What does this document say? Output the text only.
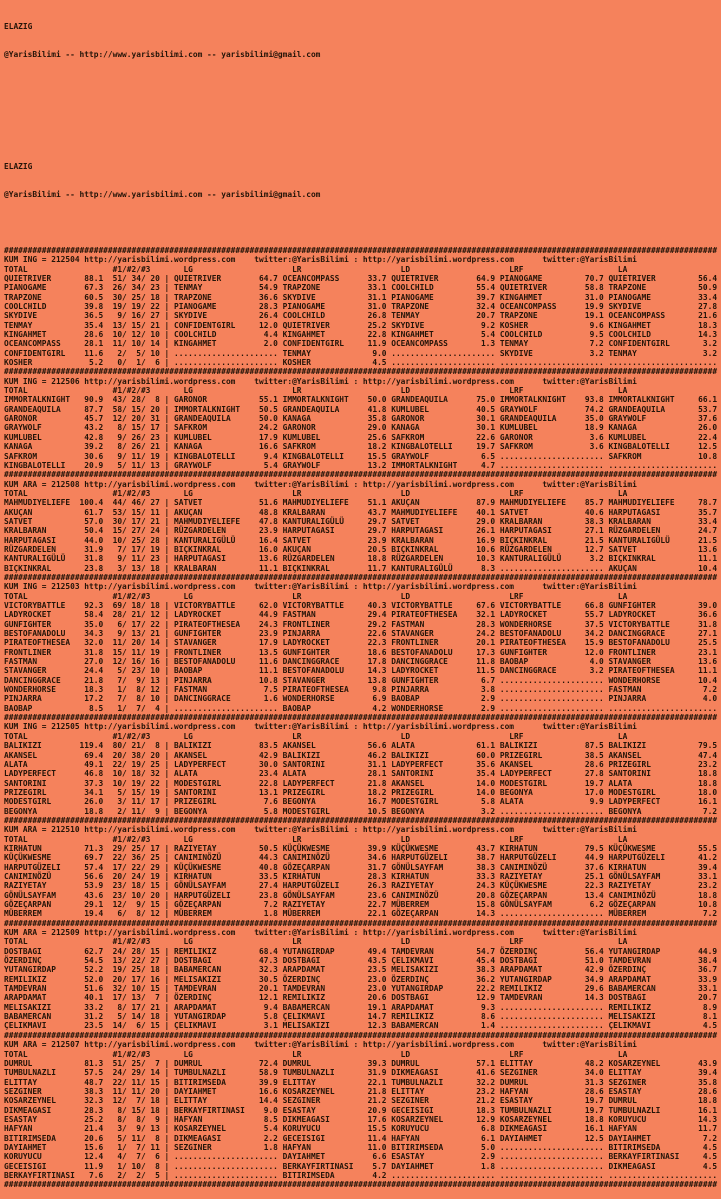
ELAZIG

@YarisBilimi -- http://www.yarisbilimi.com -- yarisbilimi@gmail.com

ELAZIG

@YarisBilimi -- http://www.yarisbilimi.com -- yarisbilimi@gmail.com

#######################################################################################################################################################
KUM ING = 212504 http://yarisbilimi.wordpress.com    twitter:@YarisBilimi : http://yarisbilimi.wordpress.com      twitter:@YarisBilimi
TOTAL                  #1/#2/#3       LG                     LR                     LD                     LRF                    LA
QUIETRIVER       88.1  51/ 34/ 20 | QUIETRIVER        64.7 OCEANCOMPASS      33.7 QUIETRIVER        64.9 PIANOGAME         70.7 QUIETRIVER         56.4
PIANOGAME        67.3  26/ 34/ 23 | TENMAY            54.9 TRAPZONE          33.1 COOLCHILD         55.4 QUIETRIVER        58.8 TRAPZONE           50.9
TRAPZONE         60.5  30/ 25/ 18 | TRAPZONE          36.6 SKYDIVE           31.1 PIANOGAME         39.7 KINGAHMET         31.0 PIANOGAME          33.4
COOLCHILD        39.8  19/ 19/ 22 | PIANOGAME         28.3 PIANOGAME         31.0 TRAPZONE          32.4 OCEANCOMPASS      19.9 SKYDIVE            27.8
SKYDIVE          36.5   9/ 16/ 27 | SKYDIVE           26.4 COOLCHILD         26.8 TENMAY            20.7 TRAPZONE          19.1 OCEANCOMPASS       21.6
TENMAY           35.4  13/ 15/ 21 | CONFIDENTGIRL     12.0 QUIETRIVER        25.2 SKYDIVE            9.2 KOSHER             9.6 KINGAHMET          18.3
KINGAHMET        28.6  10/ 12/ 10 | COOLCHILD          4.4 KINGAHMET         22.8 KINGAHMET          5.4 COOLCHILD          9.5 COOLCHILD          14.3
OCEANCOMPASS     28.1  11/ 10/ 14 | KINGAHMET          2.0 CONFIDENTGIRL     11.9 OCEANCOMPASS       1.3 TENMAY             7.2 CONFIDENTGIRL       3.2
CONFIDENTGIRL    11.6   2/  5/ 10 | ...................... TENMAY             9.0 ...................... SKYDIVE            3.2 TENMAY              3.2
KOSHER            5.2   0/  1/  6 | ...................... KOSHER             4.5 ...................... ...................... .......................
#######################################################################################################################################################
KUM ING = 212506 http://yarisbilimi.wordpress.com    twitter:@YarisBilimi : http://yarisbilimi.wordpress.com      twitter:@YarisBilimi
TOTAL                  #1/#2/#3       LG                     LR                     LD                     LRF                    LA
IMMORTALKNIGHT   90.9  43/ 28/  8 | GARONOR           55.1 IMMORTALKNIGHT    50.0 GRANDEAQUILA      75.0 IMMORTALKNIGHT    93.8 IMMORTALKNIGHT     66.1
GRANDEAQUILA     87.7  58/ 15/ 20 | IMMORTALKNIGHT    50.5 GRANDEAQUILA      41.8 KUMLUBEL          40.5 GRAYWOLF          74.2 GRANDEAQUILA       53.7
GARONOR          45.7  12/ 20/ 31 | GRANDEAQUILA      50.0 KANAGA            35.8 GARONOR           30.1 GRANDEAQUILA      35.0 GRAYWOLF           37.6
GRAYWOLF         43.2   8/ 15/ 17 | SAFKROM           24.2 GARONOR           29.0 KANAGA            30.1 KUMLUBEL          18.9 KANAGA             26.0
KUMLUBEL         42.8   9/ 26/ 23 | KUMLUBEL          17.9 KUMLUBEL          25.6 SAFKROM           22.6 GARONOR            3.6 KUMLUBEL           22.4
KANAGA           39.2   8/ 26/ 21 | KANAGA            16.6 SAFKROM           18.2 KINGBALOTELLI     19.7 SAFKROM            3.6 KINGBALOTELLI      12.5
SAFKROM          30.6   9/ 11/ 19 | KINGBALOTELLI      9.4 KINGBALOTELLI     15.5 GRAYWOLF           6.5 ...................... SAFKROM            10.8
KINGBALOTELLI    20.9   5/ 11/ 13 | GRAYWOLF           5.4 GRAYWOLF          13.2 IMMORTALKNIGHT     4.7 ...................... .......................
#######################################################################################################################################################
KUM ARA = 212508 http://yarisbilimi.wordpress.com    twitter:@YarisBilimi : http://yarisbilimi.wordpress.com      twitter:@YarisBilimi
TOTAL                  #1/#2/#3       LG                     LR                     LD                     LRF                    LA
MAHMUDIYELIEFE  100.4  44/ 46/ 27 | SATVET            51.6 MAHMUDIYELIEFE    51.1 AKUÇAN            87.9 MAHMUDIYELIEFE    85.7 MAHMUDIYELIEFE     78.7
AKUÇAN           61.7  53/ 15/ 11 | AKUÇAN            48.8 KRALBARAN         43.7 MAHMUDIYELIEFE    40.1 SATVET            40.6 HARPUTAGASI        35.7
SATVET           57.0  30/ 17/ 21 | MAHMUDIYELIEFE    47.8 KANTURALIGÜLÜ     29.7 SATVET            29.0 KRALBARAN         38.3 KRALBARAN          33.4
KRALBARAN        50.4  15/ 27/ 24 | RÜZGARDELEN       23.9 HARPUTAGASI       29.7 HARPUTAGASI       26.1 HARPUTAGASI       27.1 RÜZGARDELEN        24.7
HARPUTAGASI      44.0  10/ 25/ 28 | KANTURALIGÜLÜ     16.4 SATVET            23.9 KRALBARAN         16.9 BIÇKINKRAL        21.5 KANTURALIGÜLÜ      21.5
RÜZGARDELEN      31.9   7/ 17/ 19 | BIÇKINKRAL        16.0 AKUÇAN            20.5 BIÇKINKRAL        10.6 RÜZGARDELEN       12.7 SATVET             13.6
KANTURALIGÜLÜ    31.8   9/ 11/ 23 | HARPUTAGASI       13.6 RÜZGARDELEN       18.8 RÜZGARDELEN       10.3 KANTURALIGÜLÜ      3.2 BIÇKINKRAL         11.1
BIÇKINKRAL       23.8   3/ 13/ 18 | KRALBARAN         11.1 BIÇKINKRAL        11.7 KANTURALIGÜLÜ      8.3 ...................... AKUÇAN             10.4
#######################################################################################################################################################
KUM ING = 212503 http://yarisbilimi.wordpress.com    twitter:@YarisBilimi : http://yarisbilimi.wordpress.com      twitter:@YarisBilimi
TOTAL                  #1/#2/#3       LG                     LR                     LD                     LRF                    LA
VICTORYBATTLE    92.3  69/ 18/ 18 | VICTORYBATTLE     62.0 VICTORYBATTLE     40.3 VICTORYBATTLE     67.6 VICTORYBATTLE     66.8 GUNFIGHTER         39.0
LADYROCKET       58.4  28/ 21/ 12 | LADYROCKET        44.9 FASTMAN           29.4 PIRATEOFTHESEA    32.1 LADYROCKET        55.7 LADYROCKET         36.6
GUNFIGHTER       35.0   6/ 17/ 22 | PIRATEOFTHESEA    24.3 FRONTLINER        29.2 FASTMAN           28.3 WONDERHORSE       37.5 VICTORYBATTLE      31.8
BESTOFANADOLU    34.3   9/ 13/ 21 | GUNFIGHTER        23.9 PINJARRA          22.6 STAVANGER         24.2 BESTOFANADOLU     34.2 DANCINGGRACE       27.1
PIRATEOFTHESEA   32.0  11/ 20/ 14 | STAVANGER         17.9 LADYROCKET        22.3 FRONTLINER        20.1 PIRATEOFTHESEA    15.9 BESTOFANADOLU      25.5
FRONTLINER       31.8  15/ 11/ 19 | FRONTLINER        13.5 GUNFIGHTER        18.6 BESTOFANADOLU     17.3 GUNFIGHTER        12.0 FRONTLINER         23.1
FASTMAN          27.0  12/ 16/ 16 | BESTOFANADOLU     11.6 DANCINGGRACE      17.8 DANCINGGRACE      11.8 BAOBAP             4.0 STAVANGER          13.6
STAVANGER        24.4   5/ 23/ 10 | BAOBAP            11.1 BESTOFANADOLU     14.3 LADYROCKET        11.5 DANCINGGRACE       3.2 PIRATEOFTHESEA     11.1
DANCINGGRACE     21.8   7/  9/ 13 | PINJARRA          10.8 STAVANGER         13.8 GUNFIGHTER         6.7 ...................... WONDERHORSE        10.4
WONDERHORSE      18.3   1/  8/ 12 | FASTMAN            7.5 PIRATEOFTHESEA     9.8 PINJARRA           3.8 ...................... FASTMAN             7.2
PINJARRA         17.2   7/  8/ 10 | DANCINGGRACE       1.6 WONDERHORSE        6.9 BAOBAP             2.9 ...................... PINJARRA            4.0
BAOBAP            8.5   1/  7/  4 | ...................... BAOBAP             4.2 WONDERHORSE        2.9 ...................... .......................
#######################################################################################################################################################
KUM ING = 212505 http://yarisbilimi.wordpress.com    twitter:@YarisBilimi : http://yarisbilimi.wordpress.com      twitter:@YarisBilimi
TOTAL                  #1/#2/#3       LG                     LR                     LD                     LRF                    LA
BALIKIZI        119.4  80/ 21/  8 | BALIKIZI          83.5 AKANSEL           56.6 ALATA             61.1 BALIKIZI          87.5 BALIKIZI           79.5
AKANSEL          69.4  20/ 38/ 20 | AKANSEL           42.9 BALIKIZI          46.2 BALIKIZI          60.0 PRIZEGIRL         38.5 AKANSEL            47.4
ALATA            49.1  22/ 19/ 25 | LADYPERFECT       30.0 SANTORINI         31.1 LADYPERFECT       35.6 AKANSEL           28.6 PRIZEGIRL          23.2
LADYPERFECT      46.8  10/ 18/ 32 | ALATA             23.4 ALATA             28.1 SANTORINI         35.4 LADYPERFECT       27.8 SANTORINI          18.8
SANTORINI        37.3  10/ 19/ 22 | MODESTGIRL        22.8 LADYPERFECT       21.8 AKANSEL           14.0 MODESTGIRL        19.7 ALATA              18.8
PRIZEGIRL        34.1   5/ 15/ 19 | SANTORINI         13.1 PRIZEGIRL         18.2 PRIZEGIRL         14.0 BEGONYA           17.0 MODESTGIRL         18.0
MODESTGIRL       26.0   3/ 11/ 17 | PRIZEGIRL          7.6 BEGONYA           16.7 MODESTGIRL         5.8 ALATA              9.9 LADYPERFECT        16.1
BEGONYA          18.8   2/ 11/  9 | BEGONYA            5.8 MODESTGIRL        10.5 BEGONYA            3.2 ...................... BEGONYA             7.2
#######################################################################################################################################################
KUM ARA = 212510 http://yarisbilimi.wordpress.com    twitter:@YarisBilimi : http://yarisbilimi.wordpress.com      twitter:@YarisBilimi
TOTAL                  #1/#2/#3       LG                     LR                     LD                     LRF                    LA
KIRHATUN         71.3  29/ 25/ 17 | RAZIYETAY         50.5 KÜÇÜKWESME        39.9 KÜÇÜKWESME        43.7 KIRHATUN          79.5 KÜÇÜKWESME         55.5
KÜÇÜKWESME       69.7  22/ 36/ 25 | CANIMINÖZÜ        44.3 CANIMINÖZÜ        34.6 HARPUTGÜZELI      38.7 HARPUTGÜZELI      44.9 HARPUTGÜZELI       41.2
HARPUTGÜZELI     57.4  17/ 22/ 29 | KÜÇÜKWESME        40.8 GÖZEÇARPAN        31.7 GÖNÜLSAYFAM       38.3 CANIMINÖZÜ        37.6 KIRHATUN           39.4
CANIMINÖZÜ       56.6  20/ 24/ 19 | KIRHATUN          33.5 KIRHATUN          28.3 KIRHATUN          33.3 RAZIYETAY         25.1 GÖNÜLSAYFAM        33.1
RAZIYETAY        53.9  23/ 18/ 15 | GÖNÜLSAYFAM       27.4 HARPUTGÜZELI      26.3 RAZIYETAY         24.3 KÜÇÜKWESME        22.3 RAZIYETAY          23.2
GÖNÜLSAYFAM      43.6  23/ 10/ 20 | HARPUTGÜZELI      23.8 GÖNÜLSAYFAM       23.6 CANIMINÖZÜ        20.8 GÖZEÇARPAN        13.4 CANIMINÖZÜ         18.8
GÖZEÇARPAN       29.1  12/  9/ 15 | GÖZEÇARPAN         7.2 RAZIYETAY         22.7 MÜBERREM          15.8 GÖNÜLSAYFAM        6.2 GÖZEÇARPAN         10.8
MÜBERREM         19.4   6/  8/ 12 | MÜBERREM           1.8 MÜBERREM          22.1 GÖZEÇARPAN        14.3 ...................... MÜBERREM            7.2
#######################################################################################################################################################
KUM ARA = 212509 http://yarisbilimi.wordpress.com    twitter:@YarisBilimi : http://yarisbilimi.wordpress.com      twitter:@YarisBilimi
TOTAL                  #1/#2/#3       LG                     LR                     LD                     LRF                    LA
DOSTBAGI         62.7  24/ 28/ 15 | REMILIKIZ         68.4 YUTANGIRDAP       49.4 TAMDEVRAN         54.7 ÖZERDINÇ          56.4 YUTANGIRDAP        44.9
ÖZERDINÇ         54.5  13/ 22/ 27 | DOSTBAGI          47.3 DOSTBAGI          43.5 ÇELIKMAVI         45.4 DOSTBAGI          51.0 TAMDEVRAN          38.4
YUTANGIRDAP      52.2  19/ 25/ 18 | BABAMERCAN        32.3 ARAPDAMAT         23.5 MELISAKIZI        38.3 ARAPDAMAT         42.9 ÖZERDINÇ           36.7
REMILIKIZ        52.0  20/ 17/ 16 | MELISAKIZI        30.5 ÖZERDINÇ          23.0 ÖZERDINÇ          36.2 YUTANGIRDAP       34.9 ARAPDAMAT          33.9
TAMDEVRAN        51.6  32/ 10/ 15 | TAMDEVRAN         20.1 TAMDEVRAN         23.0 YUTANGIRDAP       22.2 REMILIKIZ         29.6 BABAMERCAN         33.1
ARAPDAMAT        40.1  17/ 13/  7 | ÖZERDINÇ          12.1 REMILIKIZ         20.6 DOSTBAGI          12.9 TAMDEVRAN         14.3 DOSTBAGI           20.7
MELISAKIZI       33.2   8/ 17/ 21 | ARAPDAMAT          9.4 BABAMERCAN        19.1 ARAPDAMAT          9.3 ...................... REMILIKIZ           8.9
BABAMERCAN       31.2   5/ 14/ 18 | YUTANGIRDAP        5.8 ÇELIKMAVI         14.7 REMILIKIZ          8.6 ...................... MELISAKIZI          8.1
ÇELIKMAVI        23.5  14/  6/ 15 | ÇELIKMAVI          3.1 MELISAKIZI        12.3 BABAMERCAN         1.4 ...................... ÇELIKMAVI           4.5
#######################################################################################################################################################
KUM ARA = 212507 http://yarisbilimi.wordpress.com    twitter:@YarisBilimi : http://yarisbilimi.wordpress.com      twitter:@YarisBilimi
TOTAL                  #1/#2/#3       LG                     LR                     LD                     LRF                    LA
DUMRUL           81.3  51/ 25/  7 | DUMRUL            72.4 DUMRUL            39.3 DUMRUL            57.1 ELITTAY           48.2 KOSARZEYNEL        43.9
TUMBULNAZLI      57.5  24/ 29/ 14 | TUMBULNAZLI       58.9 TUMBULNAZLI       31.9 DIKMEAGASI        41.6 SEZGINER          34.0 ELITTAY            39.4
ELITTAY          48.7  22/ 11/ 15 | BITIRIMSEDA       39.9 ELITTAY           22.1 TUMBULNAZLI       32.2 DUMRUL            31.3 SEZGINER           35.8
SEZGINER         38.3  11/ 11/ 20 | DAYIAHMET         16.6 KOSARZEYNEL       21.8 ELITTAY           23.2 HAFYAN            28.6 ESASTAY            28.6
KOSARZEYNEL      32.3  12/  7/ 18 | ELITTAY           14.4 SEZGINER          21.2 SEZGINER          21.2 ESASTAY           19.7 DUMRUL             18.8
DIKMEAGASI       28.3   8/ 15/ 18 | BERKAYFIRTINASI    9.0 ESASTAY           20.9 GECEISIGI         18.3 TUMBULNAZLI       19.7 TUMBULNAZLI        16.1
ESASTAY          25.2   8/  8/  9 | HAFYAN             8.5 DIKMEAGASI        17.6 KOSARZEYNEL       12.9 KOSARZEYNEL       18.8 KORUYUCU           14.3
HAFYAN           21.4   3/  9/ 13 | KOSARZEYNEL        5.4 KORUYUCU          15.5 KORUYUCU           6.8 DIKMEAGASI        16.1 HAFYAN             11.7
BITIRIMSEDA      20.6   5/ 11/  8 | DIKMEAGASI         2.2 GECEISIGI         11.4 HAFYAN             6.1 DAYIAHMET         12.5 DAYIAHMET           7.2
DAYIAHMET        15.6   1/  7/ 11 | SEZGINER           1.8 HAFYAN            11.0 BITIRIMSEDA        5.0 ...................... BITIRIMSEDA         4.5
KORUYUCU         12.4   4/  7/  6 | ...................... DAYIAHMET          6.6 ESASTAY            2.9 ...................... BERKAYFIRTINASI     4.5
GECEISIGI        11.9   1/ 10/  8 | ...................... BERKAYFIRTINASI    5.7 DAYIAHMET          1.8 ...................... DIKMEAGASI          4.5
BERKAYFIRTINASI   7.6   2/  2/  5 | ...................... BITIRIMSEDA        4.2 ...................... ...................... .......................
#######################################################################################################################################################
